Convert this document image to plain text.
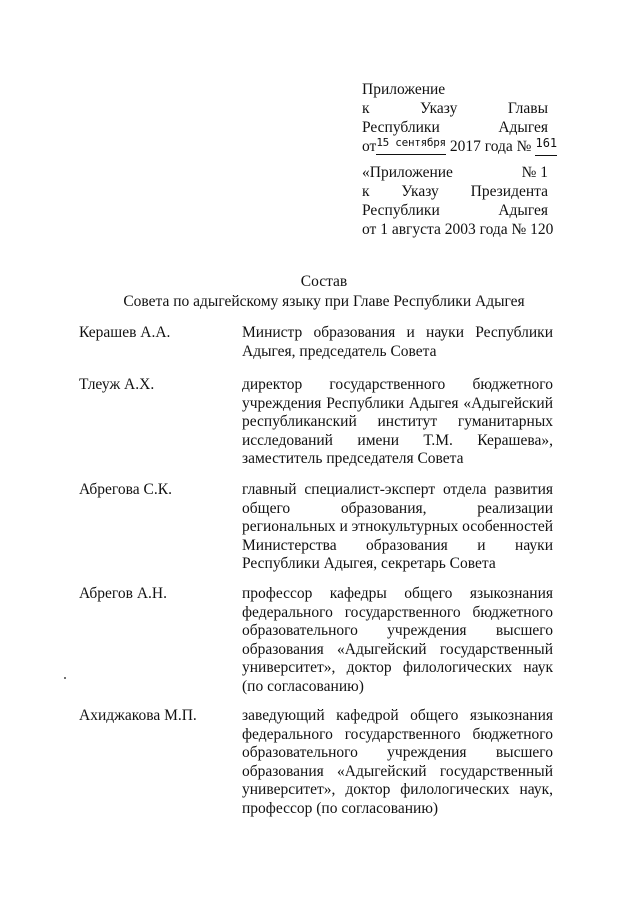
Приложение
к	Указу	Главы
Республики	Адыгея
от 15 сентября 2017 года № 161
«Приложение	№ 1
к Указу Президента
Республики	Адыгея
от 1 августа 2003 года № 120
Состав
Совета по адыгейскому языку при Главе Республики Адыгея
Керашев А.А.	Министр образования и науки Республики Адыгея, председатель Совета
Тлеуж А.Х.	директор государственного бюджетного учреждения Республики Адыгея «Адыгейский республиканский институт гуманитарных исследований имени Т.М. Керашева», заместитель председателя Совета
Абрегова С.К.	главный специалист-эксперт отдела развития общего образования, реализации региональных и этнокультурных особенностей Министерства образования и науки Республики Адыгея, секретарь Совета
Абрегов А.Н.	профессор кафедры общего языкознания федерального государственного бюджетного образовательного учреждения высшего образования «Адыгейский государственный университет», доктор филологических наук (по согласованию)
Ахиджакова М.П.	заведующий кафедрой общего языкознания федерального государственного бюджетного образовательного учреждения высшего образования «Адыгейский государственный университет», доктор филологических наук, профессор (по согласованию)
